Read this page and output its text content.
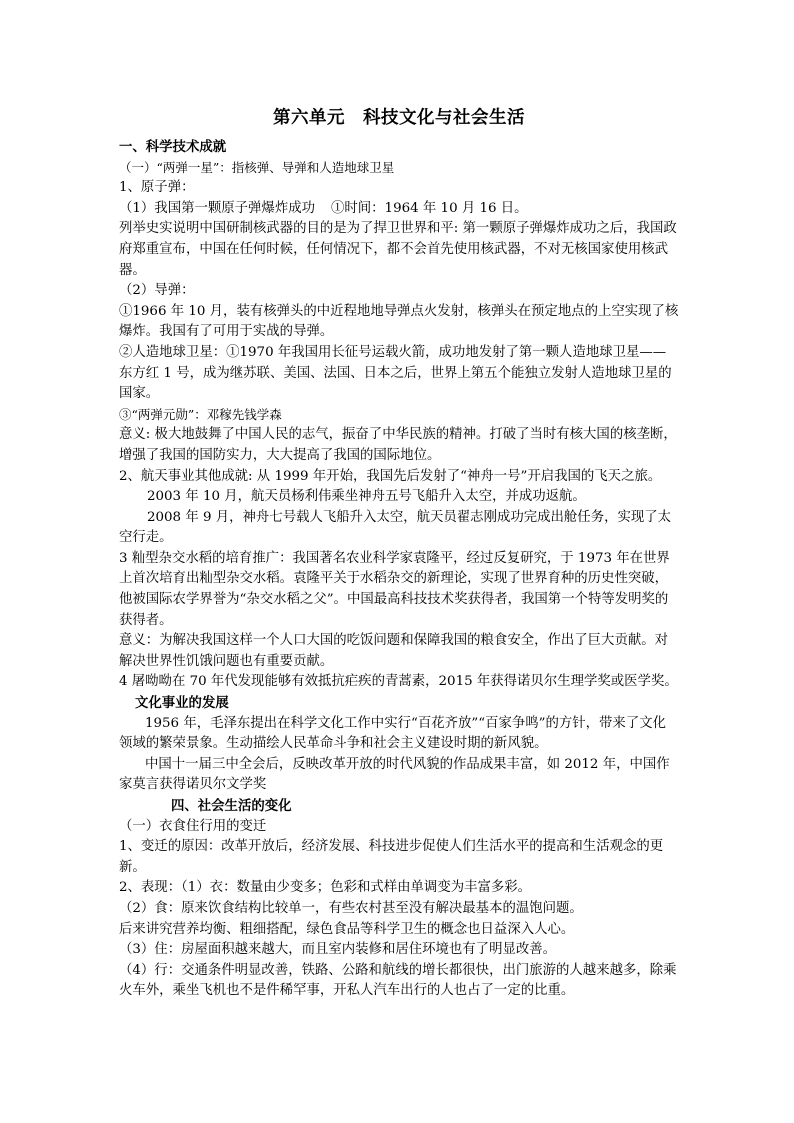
第六单元 科技文化与社会生活

一、科学技术成就

（一）“两弹一星”：指核弹、导弹和人造地球卫星

1、原子弹：

（1）我国第一颗原子弹爆炸成功 ①时间：1964 年 10 月 16 日。

列举史实说明中国研制核武器的目的是为了捍卫世界和平: 第一颗原子弹爆炸成功之后，我国政府郑重宣布，中国在任何时候，任何情况下，都不会首先使用核武器，不对无核国家使用核武器。

（2）导弹：

①1966 年 10 月，装有核弹头的中近程地地导弹点火发射，核弹头在预定地点的上空实现了核爆炸。我国有了可用于实战的导弹。

②人造地球卫星：①1970 年我国用长征号运载火箭，成功地发射了第一颗人造地球卫星——东方红 1 号，成为继苏联、美国、法国、日本之后，世界上第五个能独立发射人造地球卫星的国家。

③“两弹元勋”：邓稼先钱学森

意义: 极大地鼓舞了中国人民的志气，振奋了中华民族的精神。打破了当时有核大国的核垄断，增强了我国的国防实力，大大提高了我国的国际地位。

2、航天事业其他成就: 从 1999 年开始，我国先后发射了“神舟一号”开启我国的飞天之旅。

2003 年 10 月，航天员杨利伟乘坐神舟五号飞船升入太空，并成功返航。

2008 年 9 月，神舟七号载人飞船升入太空，航天员翟志刚成功完成出舱任务，实现了太空行走。

3 籼型杂交水稻的培育推广：我国著名农业科学家袁隆平，经过反复研究，于 1973 年在世界上首次培育出籼型杂交水稻。袁隆平关于水稻杂交的新理论，实现了世界育种的历史性突破，他被国际农学界誉为“杂交水稻之父”。中国最高科技技术奖获得者，我国第一个特等发明奖的获得者。

意义：为解决我国这样一个人口大国的吃饭问题和保障我国的粮食安全，作出了巨大贡献。对解决世界性饥饿问题也有重要贡献。

4 屠呦呦在 70 年代发现能够有效抵抗疟疾的青蒿素，2015 年获得诺贝尔生理学奖或医学奖。

文化事业的发展

1956 年，毛泽东提出在科学文化工作中实行“百花齐放”“百家争鸣”的方针，带来了文化领域的繁荣景象。生动描绘人民革命斗争和社会主义建设时期的新风貌。

中国十一届三中全会后，反映改革开放的时代风貌的作品成果丰富，如 2012 年，中国作家莫言获得诺贝尔文学奖

四、社会生活的变化

（一）衣食住行用的变迁

1、变迁的原因：改革开放后，经济发展、科技进步促使人们生活水平的提高和生活观念的更新。

2、表现：（1）衣：数量由少变多；色彩和式样由单调变为丰富多彩。

（2）食：原来饮食结构比较单一，有些农村甚至没有解决最基本的温饱问题。

后来讲究营养均衡、粗细搭配，绿色食品等科学卫生的概念也日益深入人心。

（3）住：房屋面积越来越大，而且室内装修和居住环境也有了明显改善。

（4）行：交通条件明显改善，铁路、公路和航线的增长都很快，出门旅游的人越来越多，除乘火车外，乘坐飞机也不是件稀罕事，开私人汽车出行的人也占了一定的比重。
